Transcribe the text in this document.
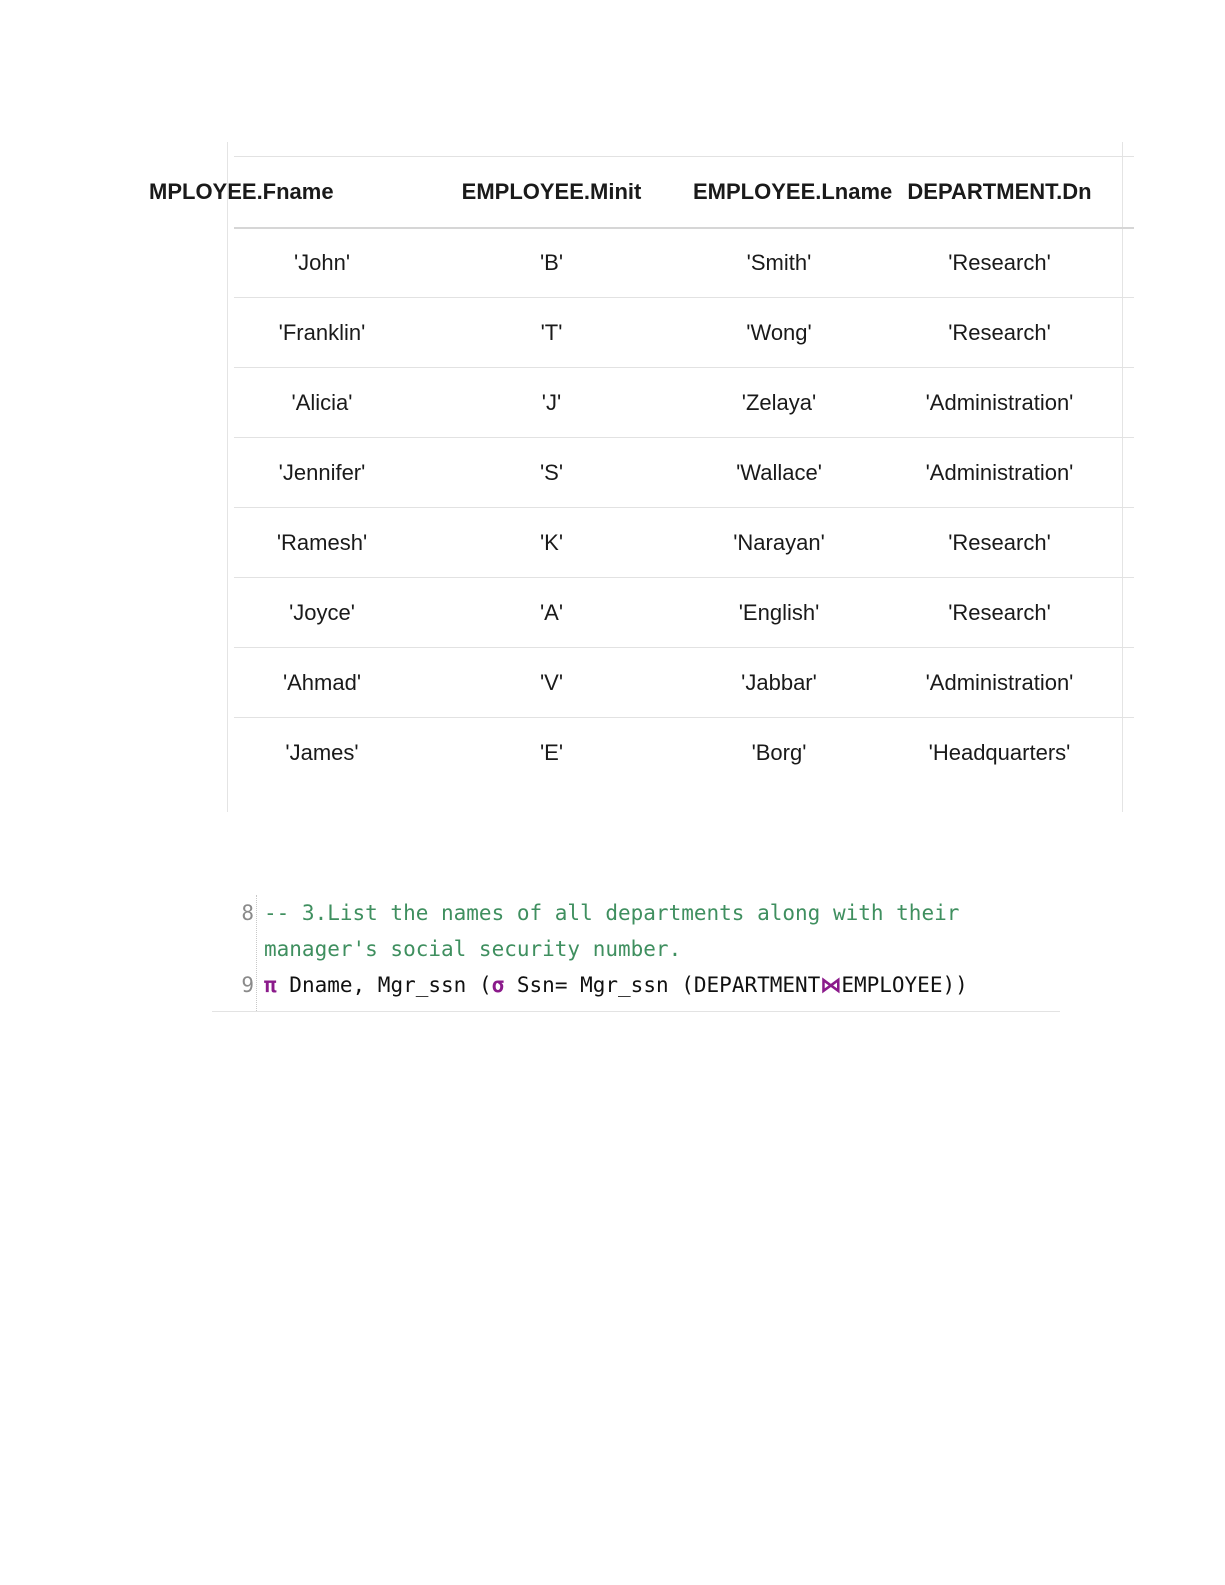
MPLOYEE.Fname	EMPLOYEE.Minit	EMPLOYEE.Lname	DEPARTMENT.Dn
'John'	'B'	'Smith'	'Research'
'Franklin'	'T'	'Wong'	'Research'
'Alicia'	'J'	'Zelaya'	'Administration'
'Jennifer'	'S'	'Wallace'	'Administration'
'Ramesh'	'K'	'Narayan'	'Research'
'Joyce'	'A'	'English'	'Research'
'Ahmad'	'V'	'Jabbar'	'Administration'
'James'	'E'	'Borg'	'Headquarters'
8 -- 3.List the names of all departments along with their
manager's social security number.
9 π Dname, Mgr_ssn (σ Ssn= Mgr_ssn (DEPARTMENT⋈EMPLOYEE))
